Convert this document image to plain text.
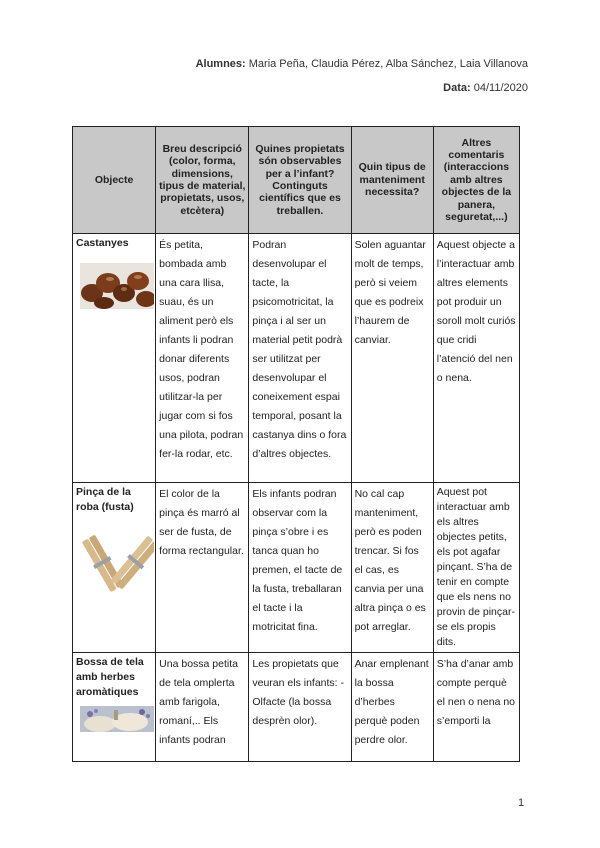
Alumnes: Maria Peña, Claudia Pérez, Alba Sánchez, Laia Villanova
Data: 04/11/2020
Objecte	Breu descripció (color, forma, dimensions, tipus de material, propietats, usos, etcètera)	Quines propietats són observables per a l’infant? Continguts científics que es treballen.	Quin tipus de manteniment necessita?	Altres comentaris (interaccions amb altres objectes de la panera, seguretat,...)

Castanyes	És petita, bombada amb una cara llisa, suau, és un aliment però els infants li podran donar diferents usos, podran utilitzar-la per jugar com si fos una pilota, podran fer-la rodar, etc.	Podran desenvolupar el tacte, la psicomotricitat, la pinça i al ser un material petit podrà ser utilitzat per desenvolupar el coneixement espai temporal, posant la castanya dins o fora d’altres objectes.	Solen aguantar molt de temps, però si veiem que es podreix l’haurem de canviar.	Aquest objecte a l’interactuar amb altres elements pot produir un soroll molt curiós que cridi l’atenció del nen o nena.

Pinça de la roba (fusta)	El color de la pinça és marró al ser de fusta, de forma rectangular.	Els infants podran observar com la pinça s’obre i es tanca quan ho premen, el tacte de la fusta, treballaran el tacte i la motricitat fina.	No cal cap manteniment, però es poden trencar. Si fos el cas, es canvia per una altra pinça o es pot arreglar.	Aquest pot interactuar amb els altres objectes petits, els pot agafar pinçant. S’ha de tenir en compte que els nens no provin de pinçar-se els propis dits.

Bossa de tela amb herbes aromàtiques	Una bossa petita de tela omplerta amb farigola, romaní,.. Els infants podran	Les propietats que veuran els infants: -Olfacte (la bossa desprèn olor).	Anar emplenant la bossa d’herbes perquè poden perdre olor.	S’ha d’anar amb compte perquè el nen o nena no s’emporti la
1
